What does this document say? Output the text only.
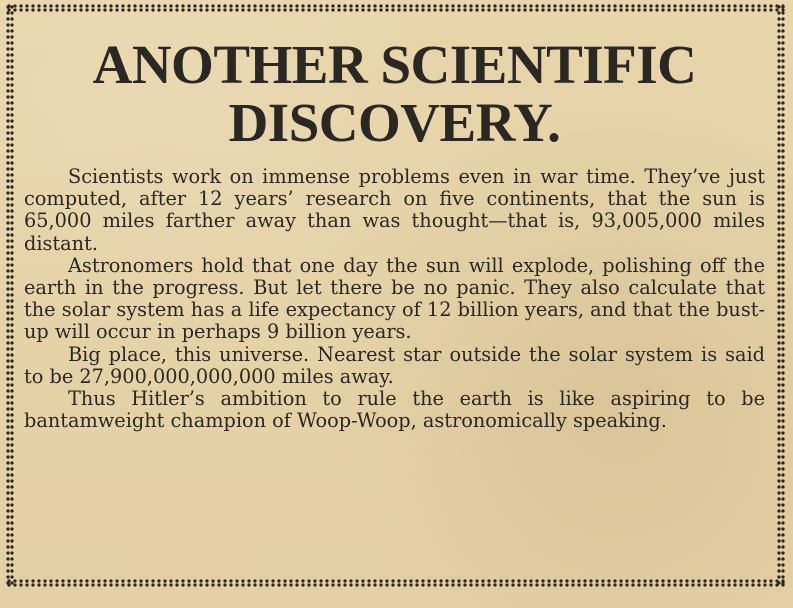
ANOTHER SCIENTIFIC
DISCOVERY.

Scientists work on immense problems even in war time. They’ve just computed, after 12 years’ research on five continents, that the sun is 65,000 miles farther away than was thought—that is, 93,005,000 miles distant.

Astronomers hold that one day the sun will explode, polishing off the earth in the progress. But let there be no panic. They also calculate that the solar system has a life expectancy of 12 billion years, and that the bust-up will occur in perhaps 9 billion years.

Big place, this universe. Nearest star outside the solar system is said to be 27,900,000,000,000 miles away.

Thus Hitler’s ambition to rule the earth is like aspiring to be bantamweight champion of Woop-Woop, astronomically speaking.
